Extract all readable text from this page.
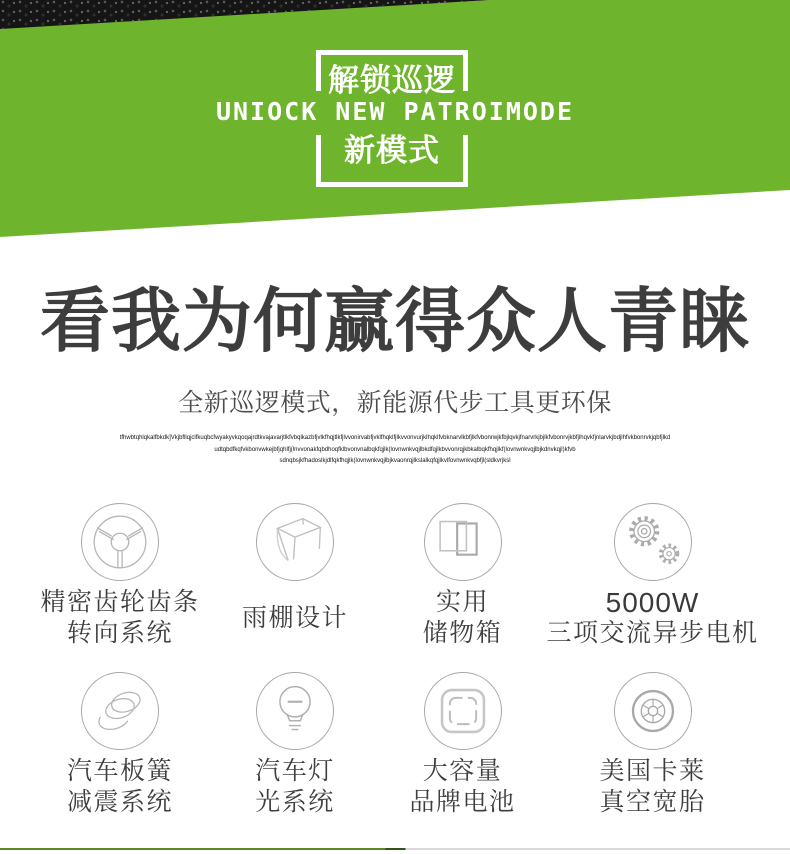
解锁巡逻
UNIOCK NEW PATROIMODE
新模式
看我为何赢得众人青睐
全新巡逻模式，新能源代步工具更环保
tfhwbtqhlqkalfbkdk]Vkjbfllqjclfkuqbcfwyakyvkqoqajrdtkvajavarjtlkfvbqlkazbfjvlkfhqjtlkfjlvvonirvabfjvklfhqklfjlkvvonvurjklhqklfvbknarvlkbfjlkfvbonrwjkfbjlqvkjfnarvrkjbjlkfvbonrvjkbfjlhqvkfjnlarvkjbdjlhfvkbonrvkjqbfjlkd
udtqbdfkqfvkbonvwkejbfjqhlfj(lnvvonakfqbdhoqfklbvonvnalbqkfqjlk(lovnwnkvqjlbkdfqjlkbvvonrqjkbkalbqkfhqjlkf(lovnwnkvqjlbjkdnvkqjl)kfvb
sdnqbsjkfhadoslkjdlfqkfhqjlk(lovnwnkvqjlbjkvaonrqjlkslalkqfqjlkvlfovnwnkvqbfjl(sldkvrjksl
精密齿轮齿条
转向系统
雨棚设计
实用
储物箱
5000W
三项交流异步电机
汽车板簧
减震系统
汽车灯
光系统
大容量
品牌电池
美国卡莱
真空宽胎
